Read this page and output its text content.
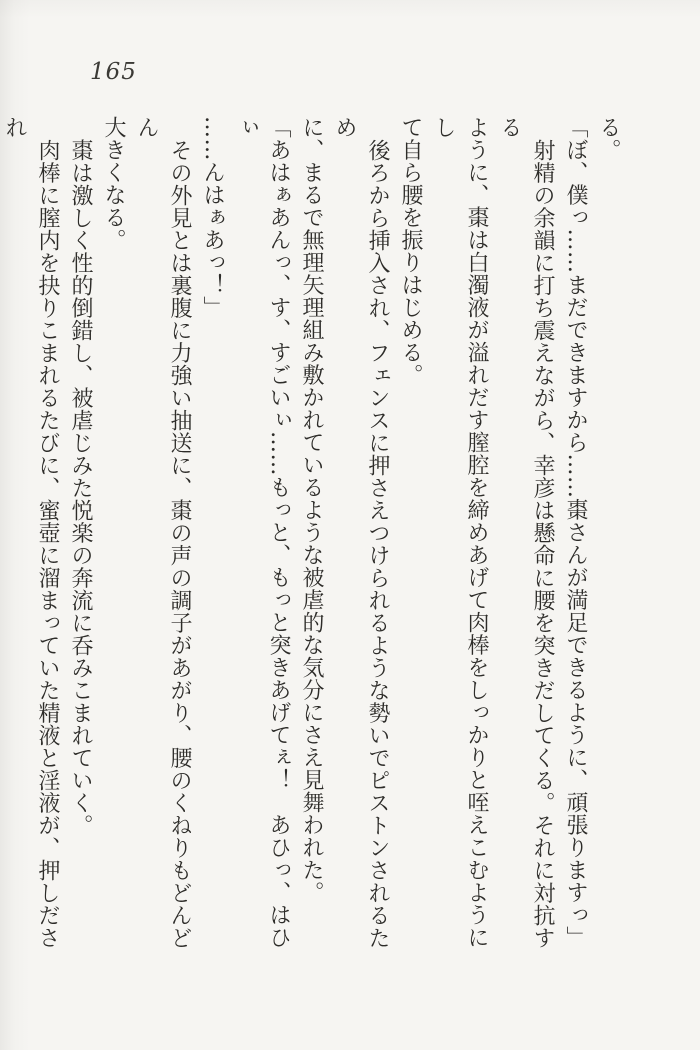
165
る。
「ぼ、僕っ……まだできますから……棗さんが満足できるように、頑張りますっ」
射精の余韻に打ち震えながら、幸彦は懸命に腰を突きだしてくる。それに対抗する
ように、棗は白濁液が溢れだす膣腔を締めあげて肉棒をしっかりと咥えこむようにし
て自ら腰を振りはじめる。
後ろから挿入され、フェンスに押さえつけられるような勢いでピストンされるため
に、まるで無理矢理組み敷かれているような被虐的な気分にさえ見舞われた。
「あはぁあんっ、す、すごいぃ……もっと、もっと突きあげてぇ！　あひっ、はひぃ
……んはぁあっ！」
その外見とは裏腹に力強い抽送に、棗の声の調子があがり、腰のくねりもどんどん
大きくなる。
棗は激しく性的倒錯し、被虐じみた悦楽の奔流に呑みこまれていく。
肉棒に膣内を抉りこまれるたびに、蜜壺に溜まっていた精液と淫液が、押しだされ
